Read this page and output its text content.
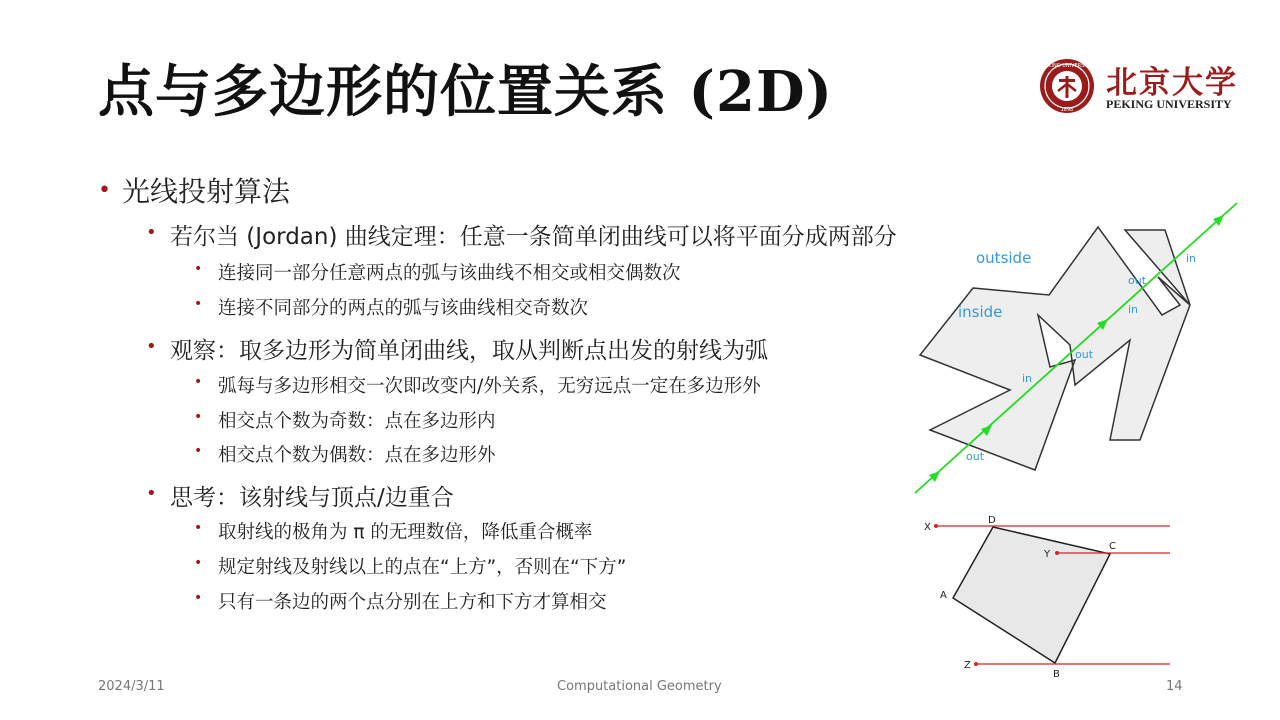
点与多边形的位置关系 (2D)	PEKING UNIVERSITY
1898
北京大学
PEKING UNIVERSITY
• 光线投射算法
• 若尔当 (Jordan) 曲线定理：任意一条简单闭曲线可以将平面分成两部分
• 连接同一部分任意两点的弧与该曲线不相交或相交偶数次
• 连接不同部分的两点的弧与该曲线相交奇数次
• 观察：取多边形为简单闭曲线，取从判断点出发的射线为弧
• 弧每与多边形相交一次即改变内/外关系，无穷远点一定在多边形外
• 相交点个数为奇数：点在多边形内
• 相交点个数为偶数：点在多边形外
• 思考：该射线与顶点/边重合
• 取射线的极角为 π 的无理数倍，降低重合概率
• 规定射线及射线以上的点在“上方”，否则在“下方”
• 只有一条边的两个点分别在上方和下方才算相交
outside
inside
in
out
in
out
in
out
X
Y
Z
D
C
A
B
2024/3/11	Computational Geometry	14
